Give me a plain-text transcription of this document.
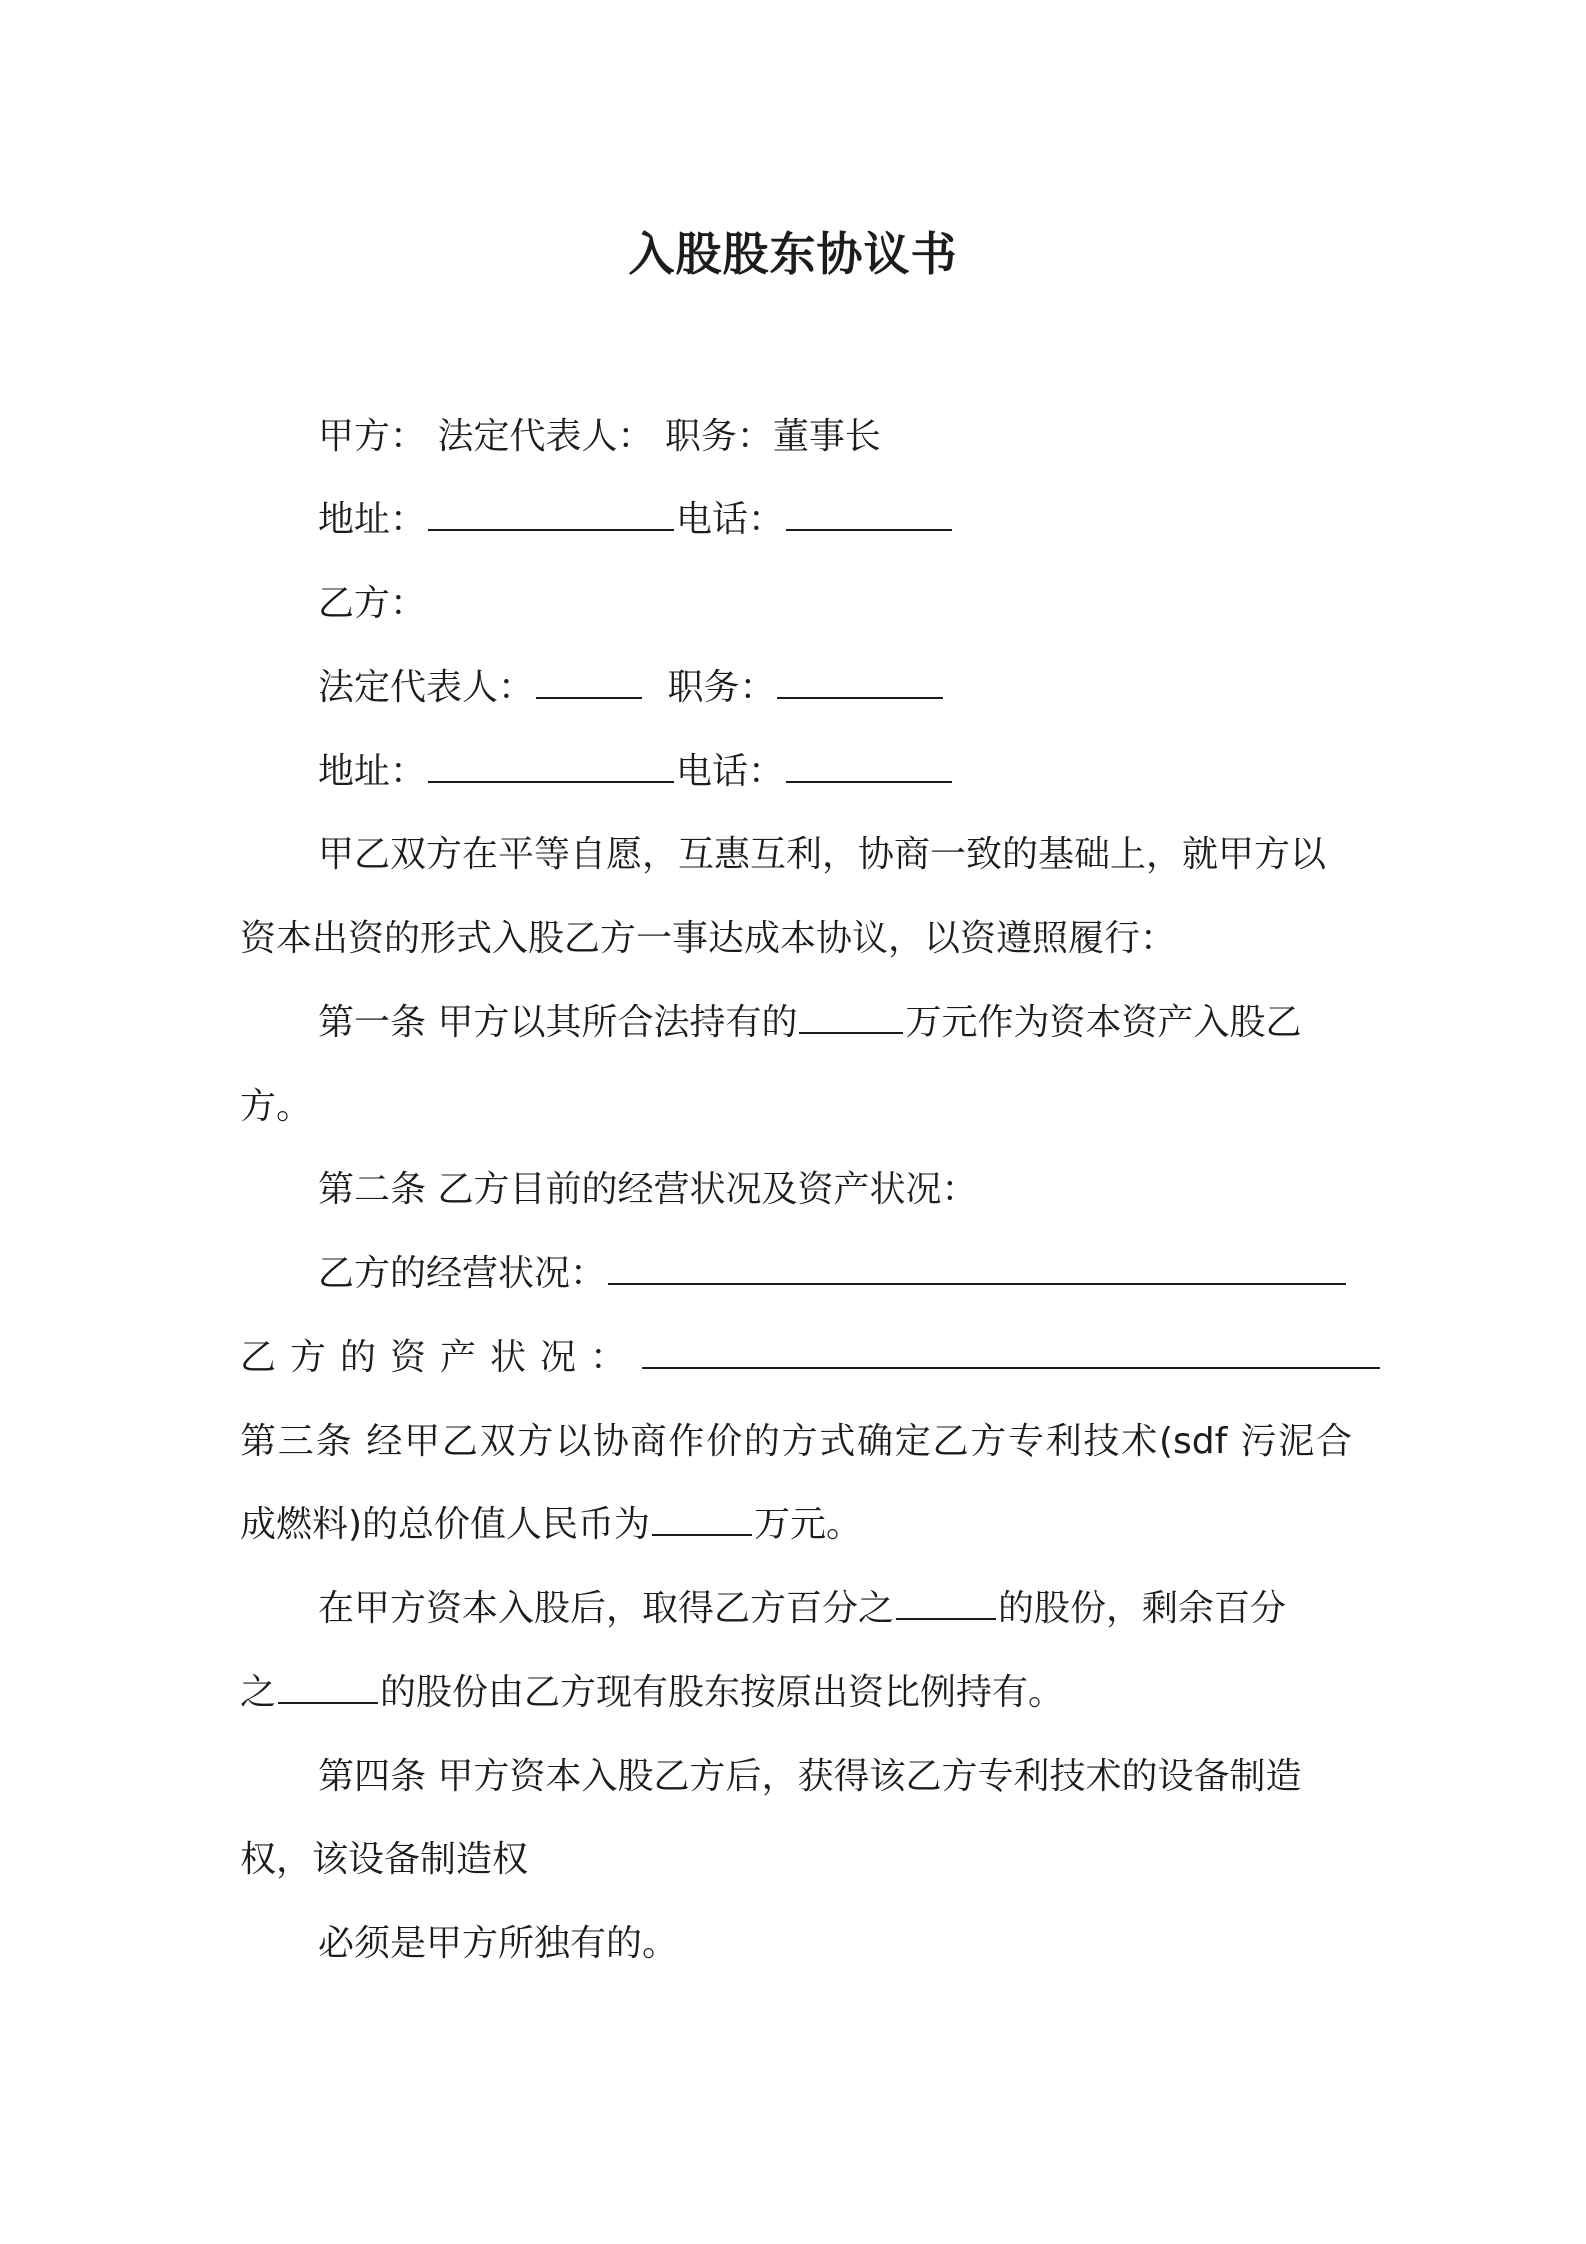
入股股东协议书
甲方： 法定代表人： 职务：董事长
地址：	电话：
乙方：
法定代表人：	职务：
地址：	电话：
甲乙双方在平等自愿，互惠互利，协商一致的基础上，就甲方以
资本出资的形式入股乙方一事达成本协议，以资遵照履行：
第一条 甲方以其所合法持有的	万元作为资本资产入股乙
方。
第二条 乙方目前的经营状况及资产状况：
乙方的经营状况：
乙方的资产状况：
第三条 经甲乙双方以协商作价的方式确定乙方专利技术(sdf 污泥合
成燃料)的总价值人民币为	万元。
在甲方资本入股后，取得乙方百分之	的股份，剩余百分
之	的股份由乙方现有股东按原出资比例持有。
第四条 甲方资本入股乙方后，获得该乙方专利技术的设备制造
权，该设备制造权
必须是甲方所独有的。
